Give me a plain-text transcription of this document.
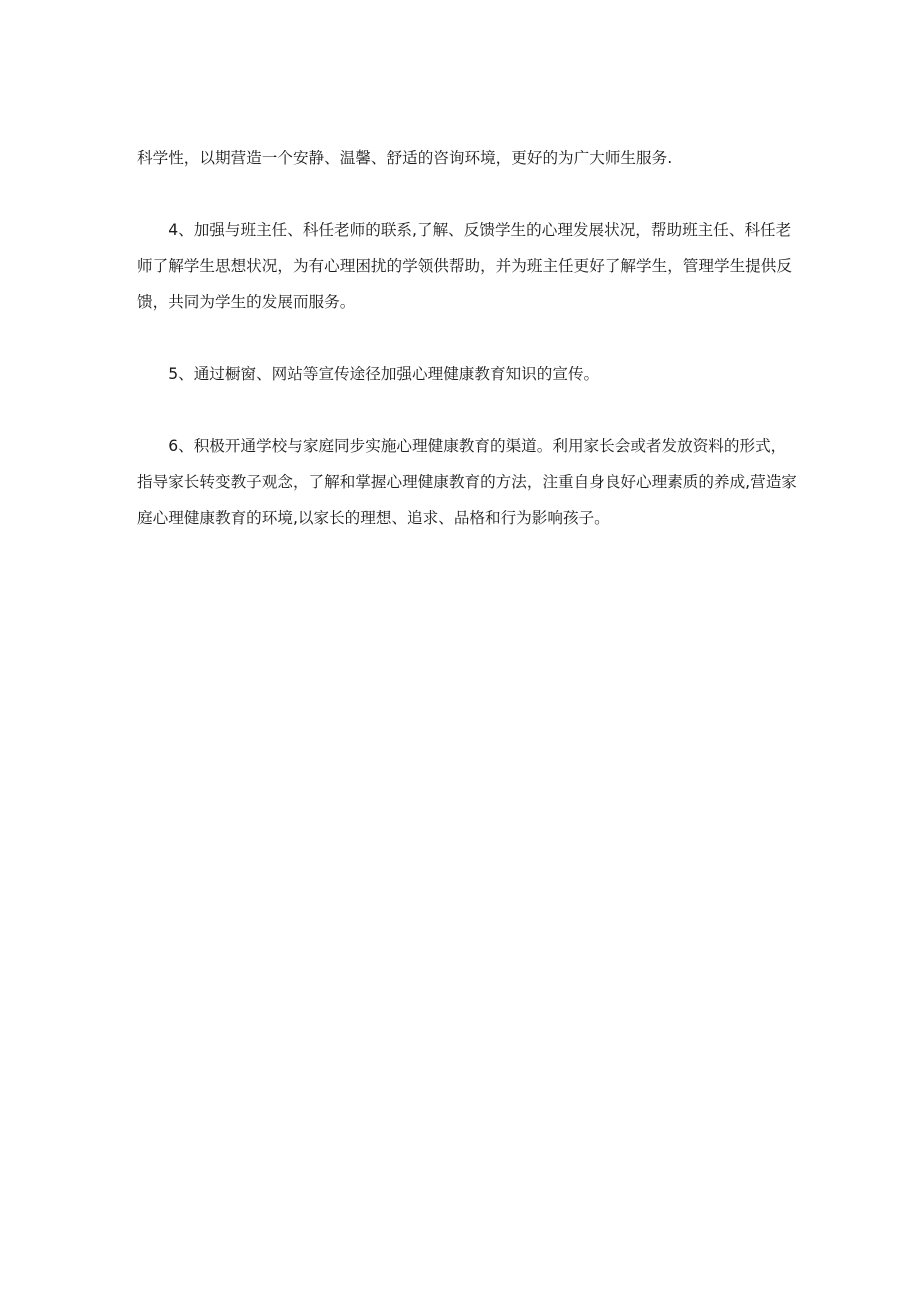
科学性，以期营造一个安静、温馨、舒适的咨询环境，更好的为广大师生服务.

4、加强与班主任、科任老师的联系,了解、反馈学生的心理发展状况，帮助班主任、科任老师了解学生思想状况，为有心理困扰的学领供帮助，并为班主任更好了解学生，管理学生提供反馈，共同为学生的发展而服务。

5、通过橱窗、网站等宣传途径加强心理健康教育知识的宣传。

6、积极开通学校与家庭同步实施心理健康教育的渠道。利用家长会或者发放资料的形式，指导家长转变教子观念，了解和掌握心理健康教育的方法，注重自身良好心理素质的养成,营造家庭心理健康教育的环境,以家长的理想、追求、品格和行为影响孩子。
